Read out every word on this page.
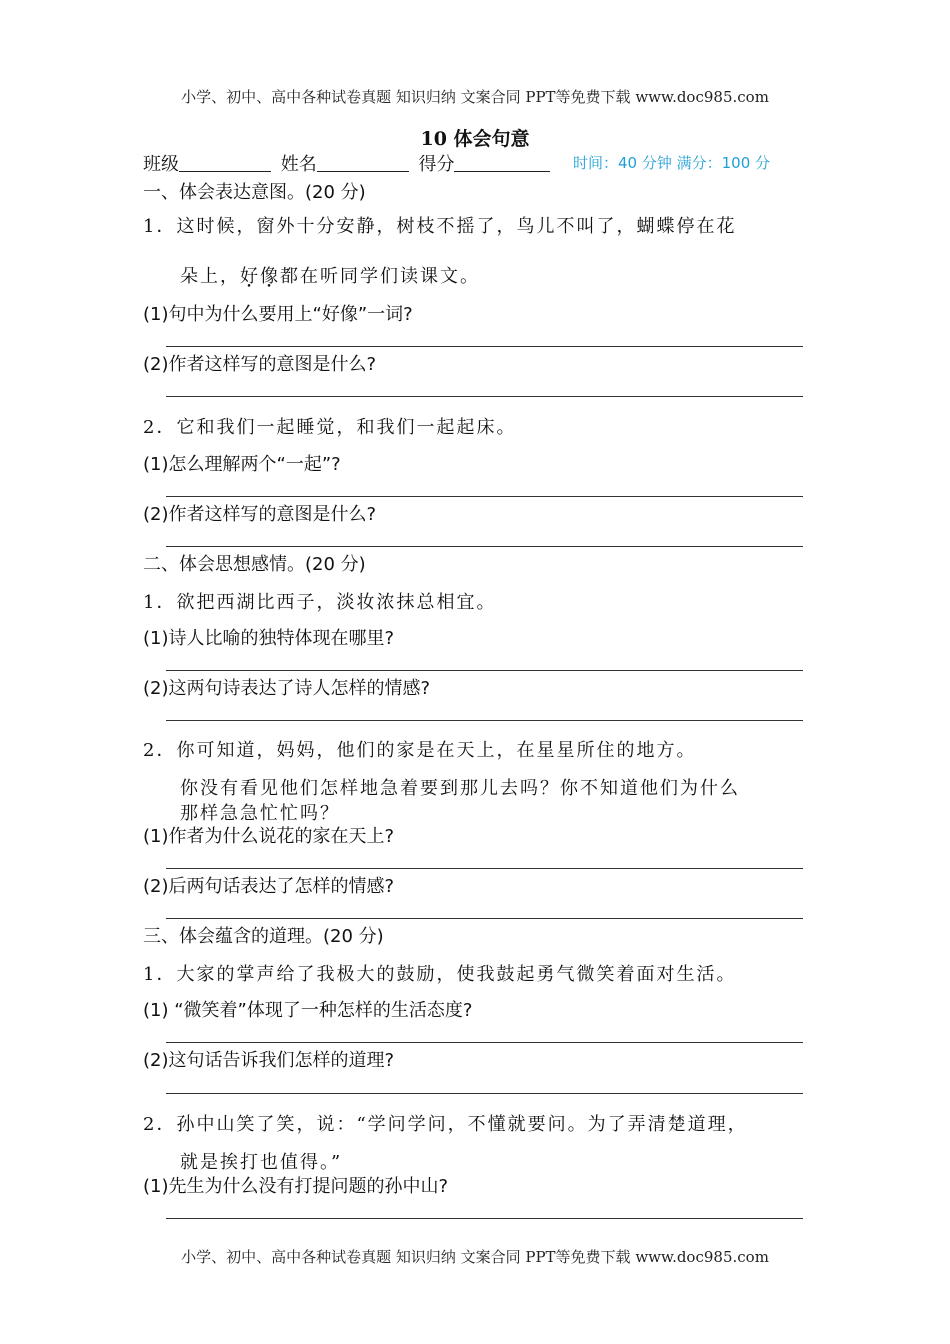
小学、初中、高中各种试卷真题 知识归纳 文案合同 PPT等免费下载 www.doc985.com
10 体会句意
班级	姓名	得分	时间：40 分钟 满分：100 分
一、体会表达意图。(20 分)
1．这时候，窗外十分安静，树枝不摇了，鸟儿不叫了，蝴蝶停在花
朵上，好像都在听同学们读课文。
(1)句中为什么要用上“好像”一词?
(2)作者这样写的意图是什么?
2．它和我们一起睡觉，和我们一起起床。
(1)怎么理解两个“一起”?
(2)作者这样写的意图是什么?
二、体会思想感情。(20 分)
1．欲把西湖比西子，淡妆浓抹总相宜。
(1)诗人比喻的独特体现在哪里?
(2)这两句诗表达了诗人怎样的情感?
2．你可知道，妈妈，他们的家是在天上，在星星所住的地方。
你没有看见他们怎样地急着要到那儿去吗？你不知道他们为什么
那样急急忙忙吗？
(1)作者为什么说花的家在天上?
(2)后两句话表达了怎样的情感?
三、体会蕴含的道理。(20 分)
1．大家的掌声给了我极大的鼓励，使我鼓起勇气微笑着面对生活。
(1) “微笑着”体现了一种怎样的生活态度?
(2)这句话告诉我们怎样的道理?
2．孙中山笑了笑，说：“学问学问，不懂就要问。为了弄清楚道理，
就是挨打也值得。”
(1)先生为什么没有打提问题的孙中山?
小学、初中、高中各种试卷真题 知识归纳 文案合同 PPT等免费下载 www.doc985.com
